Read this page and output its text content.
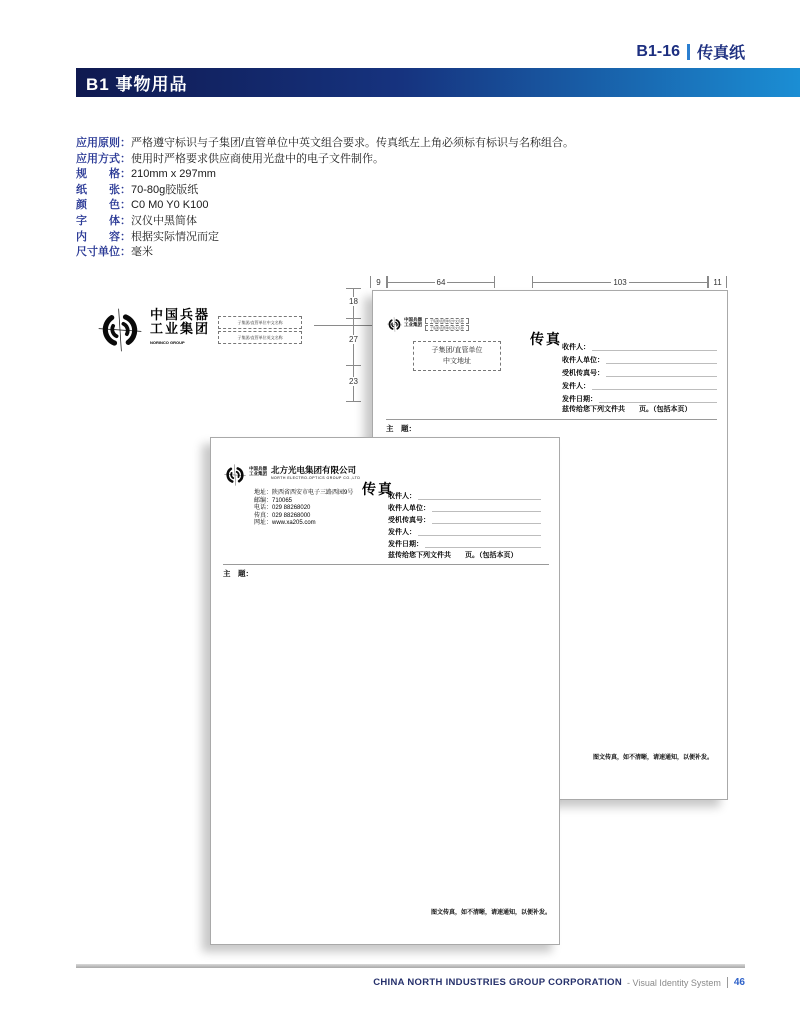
B1-16 传真纸
B1 事物用品
应用原则：严格遵守标识与子集团/直管单位中英文组合要求。传真纸左上角必须标有标识与名称组合。
应用方式：使用时严格要求供应商使用光盘中的电子文件制作。
规　　格：210mm x 297mm
纸　　张：70-80g胶版纸
颜　　色：C0 M0 Y0 K100
字　　体：汉仪中黑简体
内　　容：根据实际情况而定
尺寸单位：毫米
9	64	103	11
18
27
23
中国兵器
工业集团
NORINCO GROUP
子集团/直管单位中文名称
子集团/直管单位英文名称
中国兵器
工业集团
子集团/直管单位中文名称
子集团/直管单位英文名称
子集团/直管单位
中文地址
传真
收件人：
收件人单位：
受机传真号：
发件人：
发件日期：
兹传给您下列文件共　　页。（包括本页）
主　题：
图文传真，如不清晰，请速通知，以便补发。
中国兵器
工业集团 北方光电集团有限公司
NORTH ELECTRO-OPTICS GROUP CO.,LTD
地址：陕西省西安市电子三路西园9号
邮编：710065
电话：029 88268020
传真：029 88268000
网址：www.xa205.com
传真
收件人：
收件人单位：
受机传真号：
发件人：
发件日期：
兹传给您下列文件共　　页。（包括本页）
主　题：
图文传真，如不清晰，请速通知，以便补发。
CHINA NORTH INDUSTRIES GROUP CORPORATION - Visual Identity System 46
